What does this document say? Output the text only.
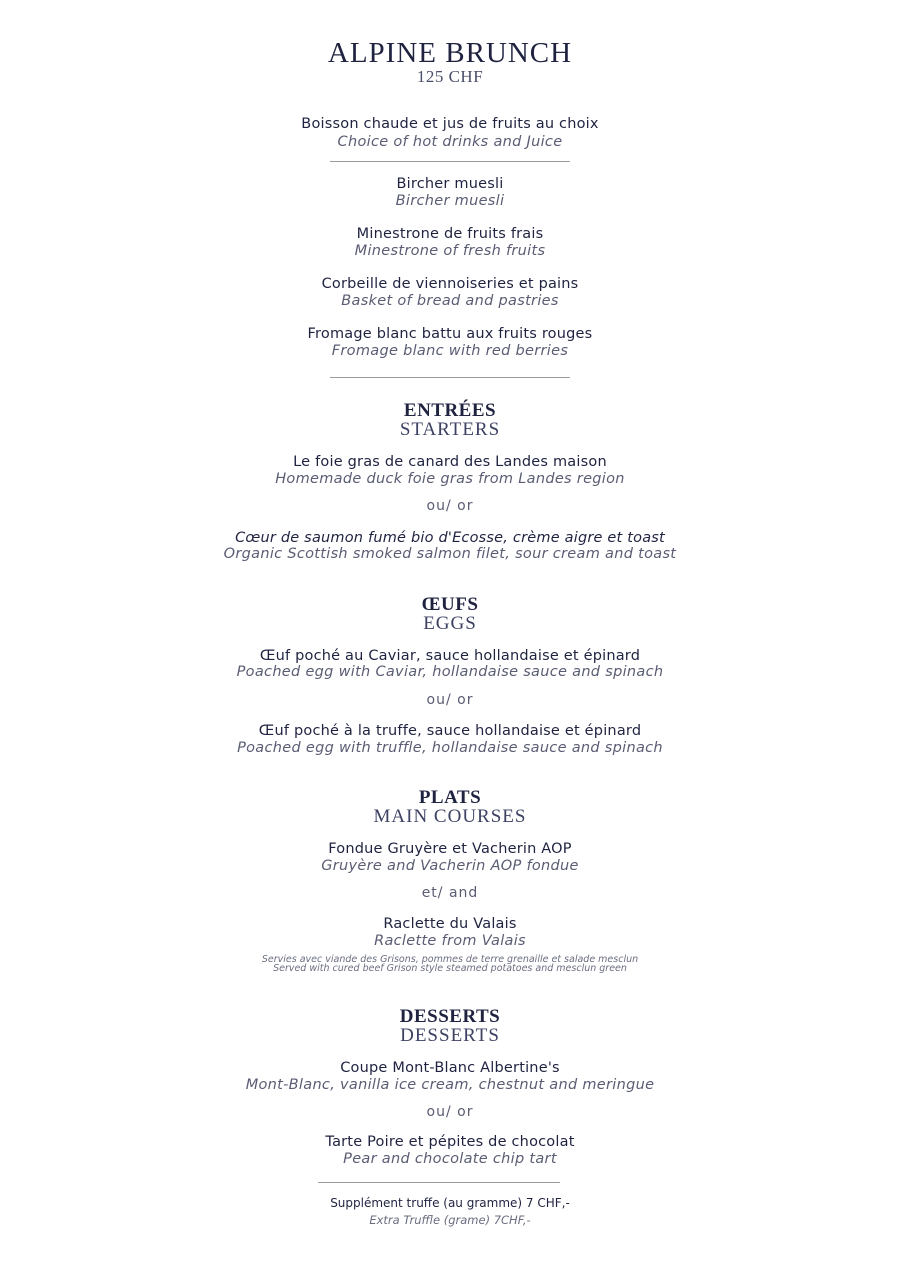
ALPINE BRUNCH
125 CHF
Boisson chaude et jus de fruits au choix
Choice of hot drinks and Juice
Bircher muesli
Bircher muesli
Minestrone de fruits frais
Minestrone of fresh fruits
Corbeille de viennoiseries et pains
Basket of bread and pastries
Fromage blanc battu aux fruits rouges
Fromage blanc with red berries
ENTRÉES
STARTERS
Le foie gras de canard des Landes maison
Homemade duck foie gras from Landes region
ou/ or
Cœur de saumon fumé bio d'Ecosse, crème aigre et toast
Organic Scottish smoked salmon filet, sour cream and toast
ŒUFS
EGGS
Œuf poché au Caviar, sauce hollandaise et épinard
Poached egg with Caviar, hollandaise sauce and spinach
ou/ or
Œuf poché à la truffe, sauce hollandaise et épinard
Poached egg with truffle, hollandaise sauce and spinach
PLATS
MAIN COURSES
Fondue Gruyère et Vacherin AOP
Gruyère and Vacherin AOP fondue
et/ and
Raclette du Valais
Raclette from Valais
Servies avec viande des Grisons, pommes de terre grenaille et salade mesclun
Served with cured beef Grison style steamed potatoes and mesclun green
DESSERTS
DESSERTS
Coupe Mont-Blanc Albertine's
Mont-Blanc, vanilla ice cream, chestnut and meringue
ou/ or
Tarte Poire et pépites de chocolat
Pear and chocolate chip tart
Supplément truffe (au gramme) 7 CHF,-
Extra Truffle (grame) 7CHF,-
